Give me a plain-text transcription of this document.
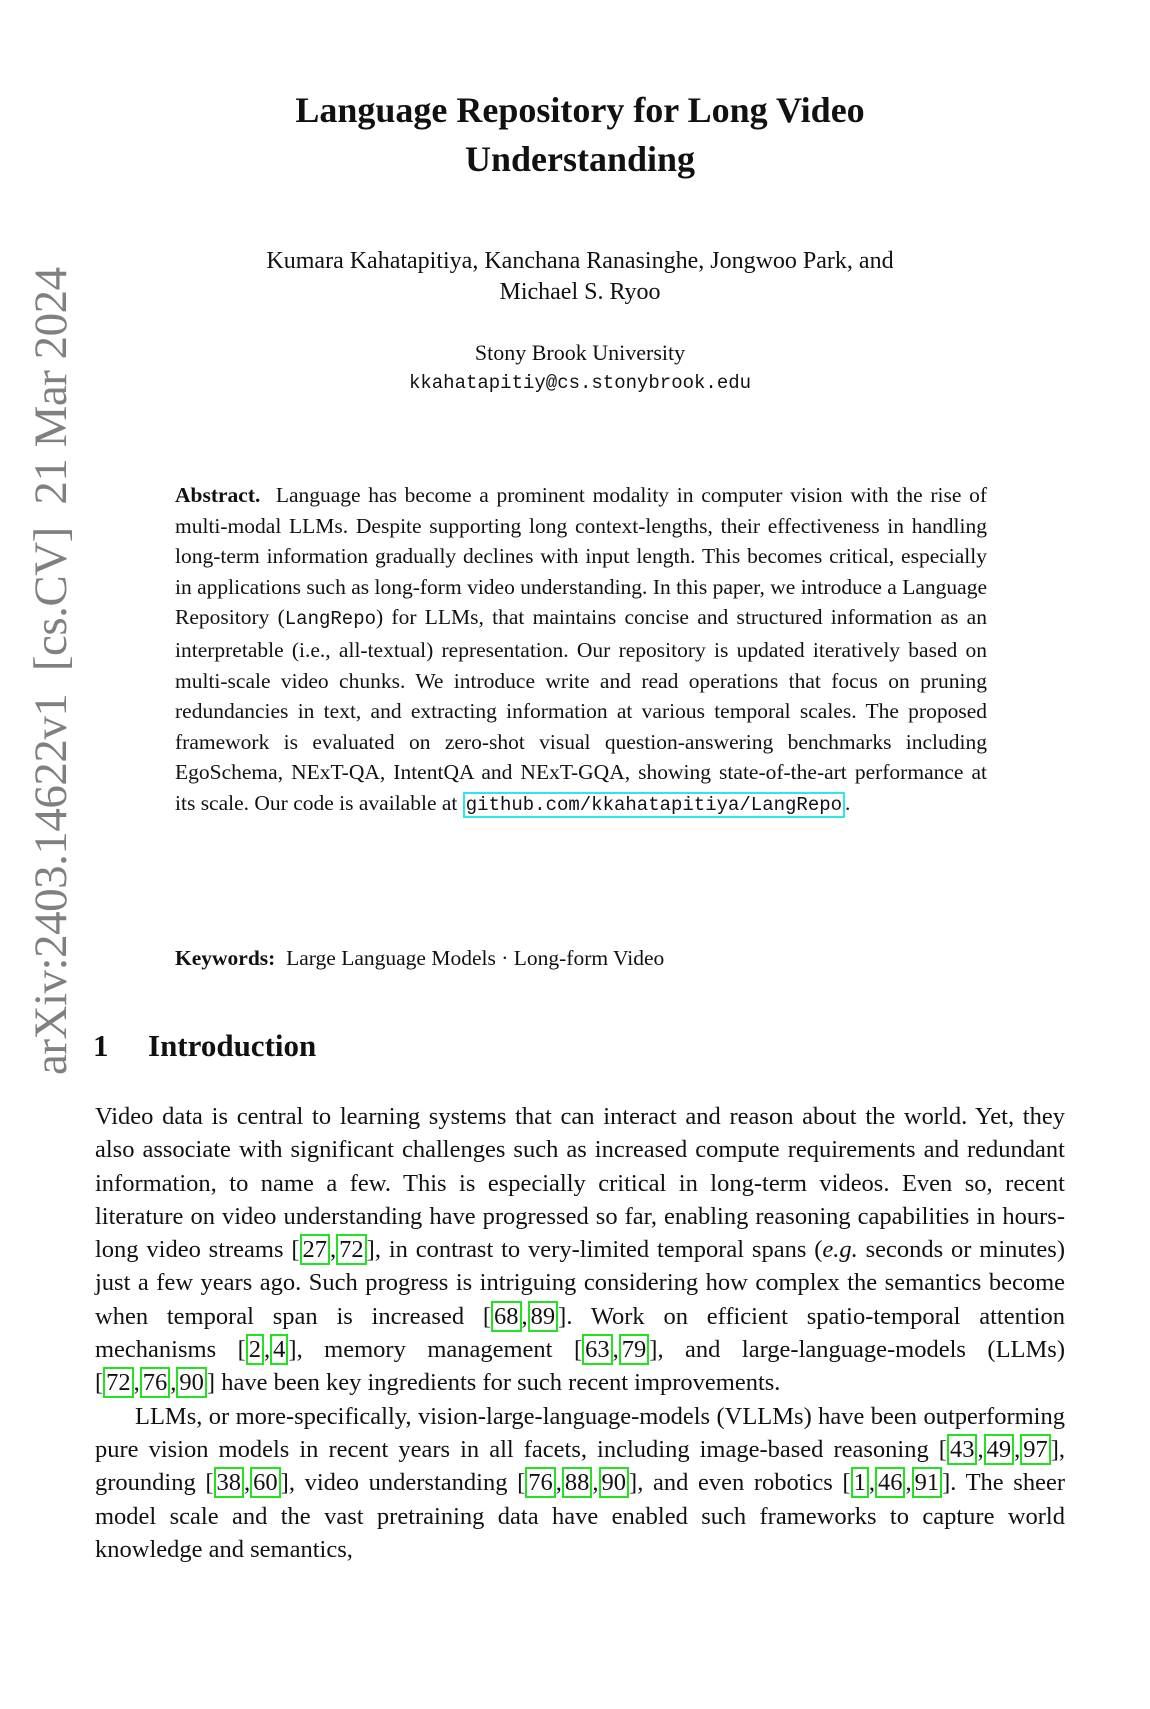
arXiv:2403.14622v1  [cs.CV]  21 Mar 2024
Language Repository for Long Video
Understanding
Kumara Kahatapitiya, Kanchana Ranasinghe, Jongwoo Park, and
Michael S. Ryoo
Stony Brook University
kkahatapitiy@cs.stonybrook.edu
Abstract. Language has become a prominent modality in computer vision with the rise of multi-modal LLMs. Despite supporting long context-lengths, their effectiveness in handling long-term information gradually declines with input length. This becomes critical, especially in applications such as long-form video understanding. In this paper, we introduce a Language Repository (LangRepo) for LLMs, that maintains concise and structured information as an interpretable (i.e., all-textual) representation. Our repository is updated iteratively based on multi-scale video chunks. We introduce write and read operations that focus on pruning redundancies in text, and extracting information at various temporal scales. The proposed framework is evaluated on zero-shot visual question-answering benchmarks including EgoSchema, NExT-QA, IntentQA and NExT-GQA, showing state-of-the-art performance at its scale. Our code is available at github.com/kkahatapitiya/LangRepo .
Keywords: Large Language Models · Long-form Video
1 Introduction

Video data is central to learning systems that can interact and reason about the world. Yet, they also associate with significant challenges such as increased compute requirements and redundant information, to name a few. This is especially critical in long-term videos. Even so, recent literature on video understanding have progressed so far, enabling reasoning capabilities in hours-long video streams [ 27 , 72 ], in contrast to very-limited temporal spans (e.g. seconds or minutes) just a few years ago. Such progress is intriguing considering how complex the semantics become when temporal span is increased [ 68 , 89 ]. Work on efficient spatio-temporal attention mechanisms [ 2 , 4 ], memory management [ 63 , 79 ], and large-language-models (LLMs) [ 72 , 76 , 90 ] have been key ingredients for such recent improvements.

LLMs, or more-specifically, vision-large-language-models (VLLMs) have been outperforming pure vision models in recent years in all facets, including image-based reasoning [ 43 , 49 , 97 ], grounding [ 38 , 60 ], video understanding [ 76 , 88 , 90 ], and even robotics [ 1 , 46 , 91 ]. The sheer model scale and the vast pretraining data have enabled such frameworks to capture world knowledge and semantics,
